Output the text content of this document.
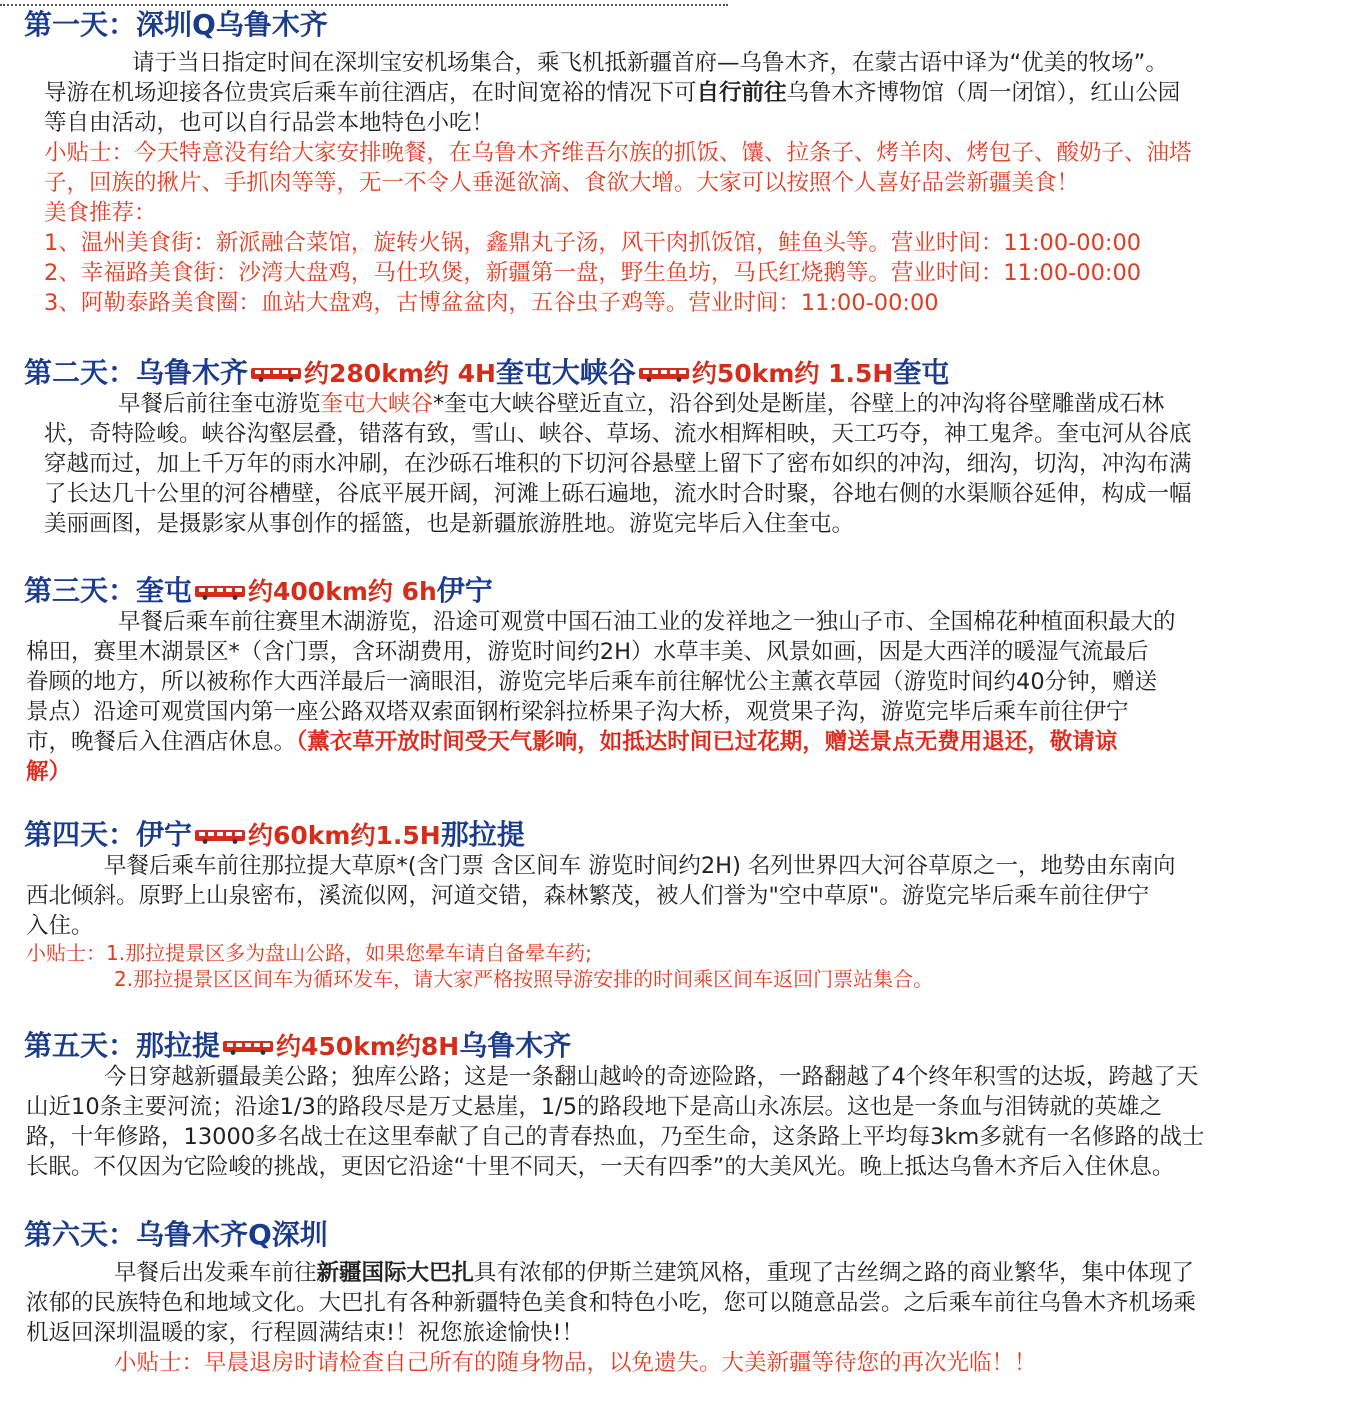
第一天：深圳Q乌鲁木齐
请于当日指定时间在深圳宝安机场集合，乘飞机抵新疆首府—乌鲁木齐，在蒙古语中译为“优美的牧场”。
导游在机场迎接各位贵宾后乘车前往酒店，在时间宽裕的情况下可自行前往乌鲁木齐博物馆（周一闭馆），红山公园
等自由活动，也可以自行品尝本地特色小吃！
小贴士：今天特意没有给大家安排晚餐，在乌鲁木齐维吾尔族的抓饭、馕、拉条子、烤羊肉、烤包子、酸奶子、油塔
子，回族的揪片、手抓肉等等，无一不令人垂涎欲滴、食欲大增。大家可以按照个人喜好品尝新疆美食！
美食推荐：
1、温州美食街：新派融合菜馆，旋转火锅，鑫鼎丸子汤，风干肉抓饭馆，鲑鱼头等。营业时间：11:00-00:00
2、幸福路美食街：沙湾大盘鸡，马仕玖煲，新疆第一盘，野生鱼坊，马氏红烧鹅等。营业时间：11:00-00:00
3、阿勒泰路美食圈：血站大盘鸡，古博盆盆肉，五谷虫子鸡等。营业时间：11:00-00:00
第二天：乌鲁木齐 约280km约 4H奎屯大峡谷 约50km约 1.5H奎屯
早餐后前往奎屯游览奎屯大峡谷*奎屯大峡谷壁近直立，沿谷到处是断崖，谷壁上的冲沟将谷壁雕凿成石林
状，奇特险峻。峡谷沟壑层叠，错落有致，雪山、峡谷、草场、流水相辉相映，天工巧夺，神工鬼斧。奎屯河从谷底
穿越而过，加上千万年的雨水冲刷，在沙砾石堆积的下切河谷悬壁上留下了密布如织的冲沟，细沟，切沟，冲沟布满
了长达几十公里的河谷槽壁，谷底平展开阔，河滩上砾石遍地，流水时合时聚，谷地右侧的水渠顺谷延伸，构成一幅
美丽画图，是摄影家从事创作的摇篮，也是新疆旅游胜地。游览完毕后入住奎屯。
第三天：奎屯 约400km约 6h伊宁
早餐后乘车前往赛里木湖游览，沿途可观赏中国石油工业的发祥地之一独山子市、全国棉花种植面积最大的
棉田，赛里木湖景区*（含门票，含环湖费用，游览时间约2H）水草丰美、风景如画，因是大西洋的暖湿气流最后
眷顾的地方，所以被称作大西洋最后一滴眼泪，游览完毕后乘车前往解忧公主薰衣草园（游览时间约40分钟，赠送
景点）沿途可观赏国内第一座公路双塔双索面钢桁梁斜拉桥果子沟大桥，观赏果子沟，游览完毕后乘车前往伊宁
市，晚餐后入住酒店休息。（薰衣草开放时间受天气影响，如抵达时间已过花期，赠送景点无费用退还，敬请谅
解）
第四天：伊宁 约60km约1.5H那拉提
早餐后乘车前往那拉提大草原*(含门票 含区间车 游览时间约2H) 名列世界四大河谷草原之一，地势由东南向
西北倾斜。原野上山泉密布，溪流似网，河道交错，森林繁茂，被人们誉为"空中草原"。游览完毕后乘车前往伊宁
入住。
小贴士：1.那拉提景区多为盘山公路，如果您晕车请自备晕车药;
2.那拉提景区区间车为循环发车，请大家严格按照导游安排的时间乘区间车返回门票站集合。
第五天：那拉提 约450km约8H乌鲁木齐
今日穿越新疆最美公路；独库公路；这是一条翻山越岭的奇迹险路，一路翻越了4个终年积雪的达坂，跨越了天
山近10条主要河流；沿途1/3的路段尽是万丈悬崖，1/5的路段地下是高山永冻层。这也是一条血与泪铸就的英雄之
路，十年修路，13000多名战士在这里奉献了自己的青春热血，乃至生命，这条路上平均每3km多就有一名修路的战士
长眠。不仅因为它险峻的挑战，更因它沿途“十里不同天，一天有四季”的大美风光。晚上抵达乌鲁木齐后入住休息。
第六天：乌鲁木齐Q深圳
早餐后出发乘车前往新疆国际大巴扎具有浓郁的伊斯兰建筑风格，重现了古丝绸之路的商业繁华，集中体现了
浓郁的民族特色和地域文化。大巴扎有各种新疆特色美食和特色小吃，您可以随意品尝。之后乘车前往乌鲁木齐机场乘
机返回深圳温暖的家，行程圆满结束!！祝您旅途愉快!！
小贴士：早晨退房时请检查自己所有的随身物品，以免遗失。大美新疆等待您的再次光临！！
